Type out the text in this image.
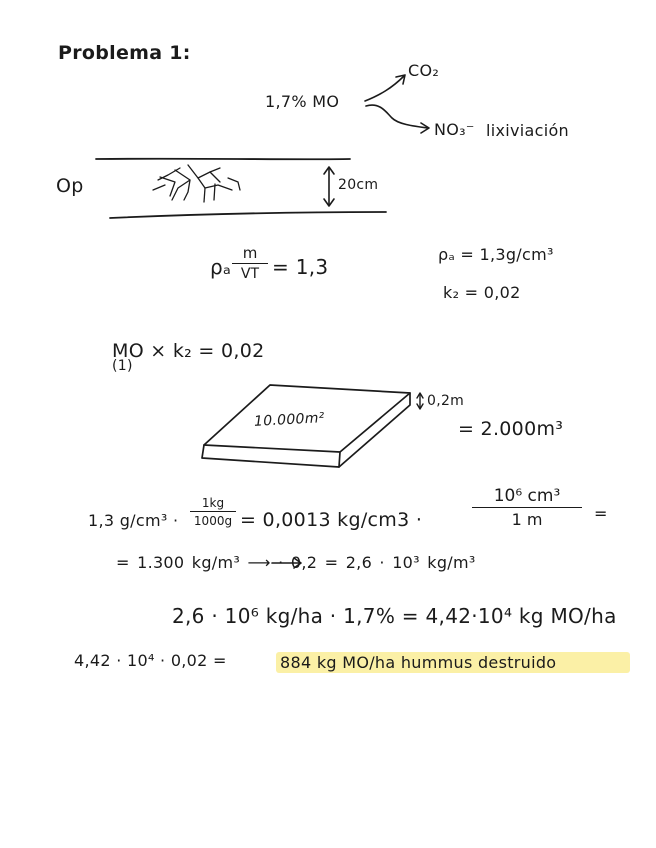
Problema 1:
1,7% MO
CO₂
NO₃⁻ lixiviación
Op	20cm
ρₐ
m
VT = 1,3
ρₐ = 1,3g/cm³
k₂ = 0,02
MO × k₂ = 0,02
(1)
10.000m²
0,2m
= 2.000m³
1,3 g/cm³ ·
1kg
1000g = 0,0013 kg/cm3 ·
10⁶ cm³
1 m	=
= 1.300 kg/m³ ⟶ · 0,2 = 2,6 · 10³ kg/m³
2,6 · 10⁶ kg/ha · 1,7% = 4,42·10⁴ kg MO/ha
4,42 · 10⁴ · 0,02 =	884 kg MO/ha hummus destruido
